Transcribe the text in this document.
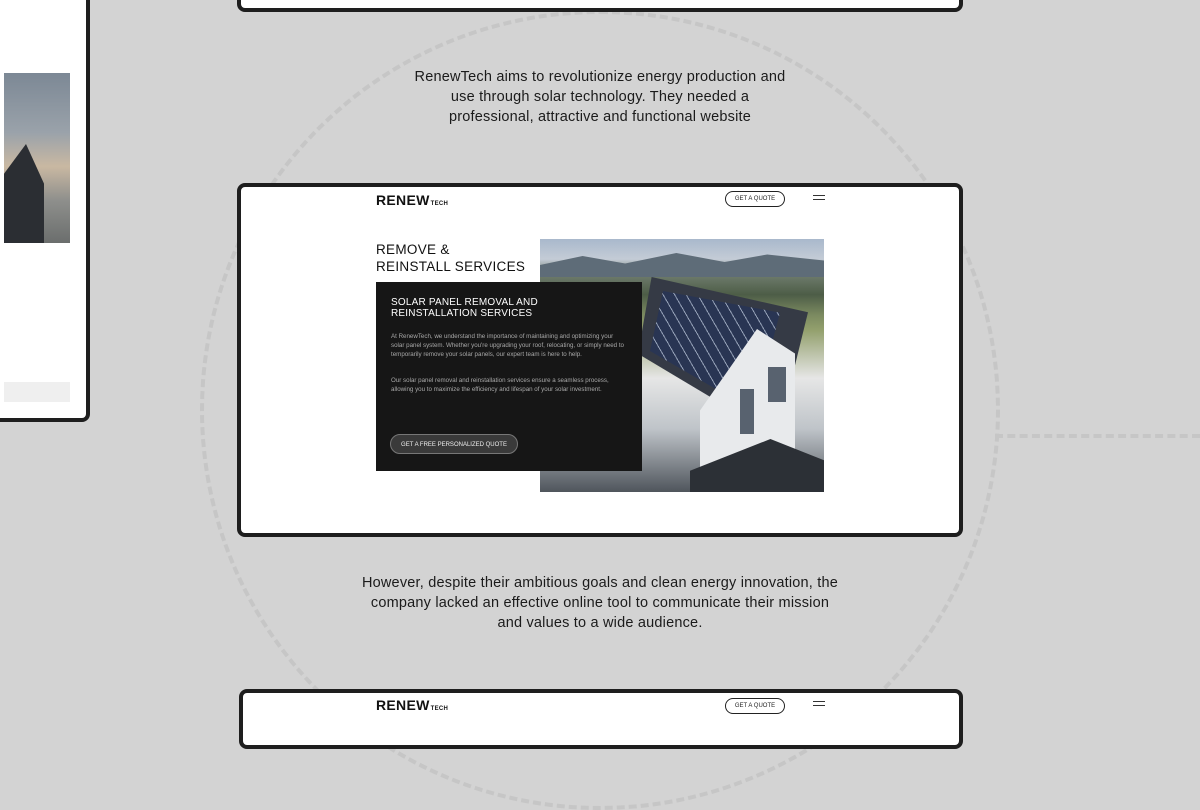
RenewTech aims to revolutionize energy production and
use through solar technology. They needed a
professional, attractive and functional website
RENEWTECH
GET A QUOTE
REMOVE &
REINSTALL SERVICES
SOLAR PANEL REMOVAL AND
REINSTALLATION SERVICES
At RenewTech, we understand the importance of maintaining and optimizing your solar panel system. Whether you're upgrading your roof, relocating, or simply need to temporarily remove your solar panels, our expert team is here to help.
Our solar panel removal and reinstallation services ensure a seamless process, allowing you to maximize the efficiency and lifespan of your solar investment.
GET A FREE PERSONALIZED QUOTE
However, despite their ambitious goals and clean energy innovation, the
company lacked an effective online tool to communicate their mission
and values to a wide audience.
RENEWTECH	GET A QUOTE
